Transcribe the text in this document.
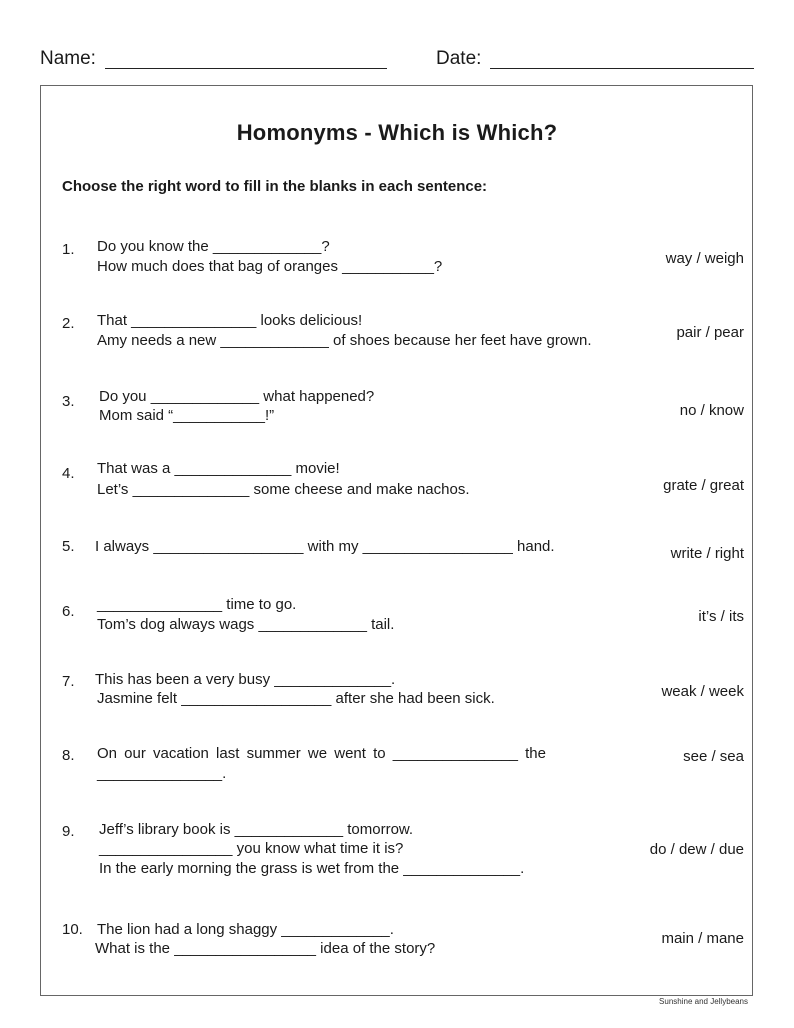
Name:	Date:
Homonyms - Which is Which?
Choose the right word to fill in the blanks in each sentence:
1. Do you know the _____________?
How much does that bag of oranges ___________?	way / weigh
2. That _______________ looks delicious!
Amy needs a new _____________ of shoes because her feet have grown.	pair / pear
3. Do you _____________ what happened?
Mom said “___________!”	no / know
4. That was a ______________ movie!
Let’s ______________ some cheese and make nachos.	grate / great
5. I always __________________ with my __________________ hand.	write / right
6. _______________ time to go.
Tom’s dog always wags _____________ tail.	it’s / its
7. This has been a very busy ______________.
Jasmine felt __________________ after she had been sick.	weak / week
8. On our vacation last summer we went to _______________ the
_______________.
see / sea
9. Jeff’s library book is _____________ tomorrow.
________________ you know what time it is?
In the early morning the grass is wet from the ______________.
do / dew / due
10. The lion had a long shaggy _____________.
What is the _________________ idea of the story?
main / mane
Sunshine and Jellybeans
